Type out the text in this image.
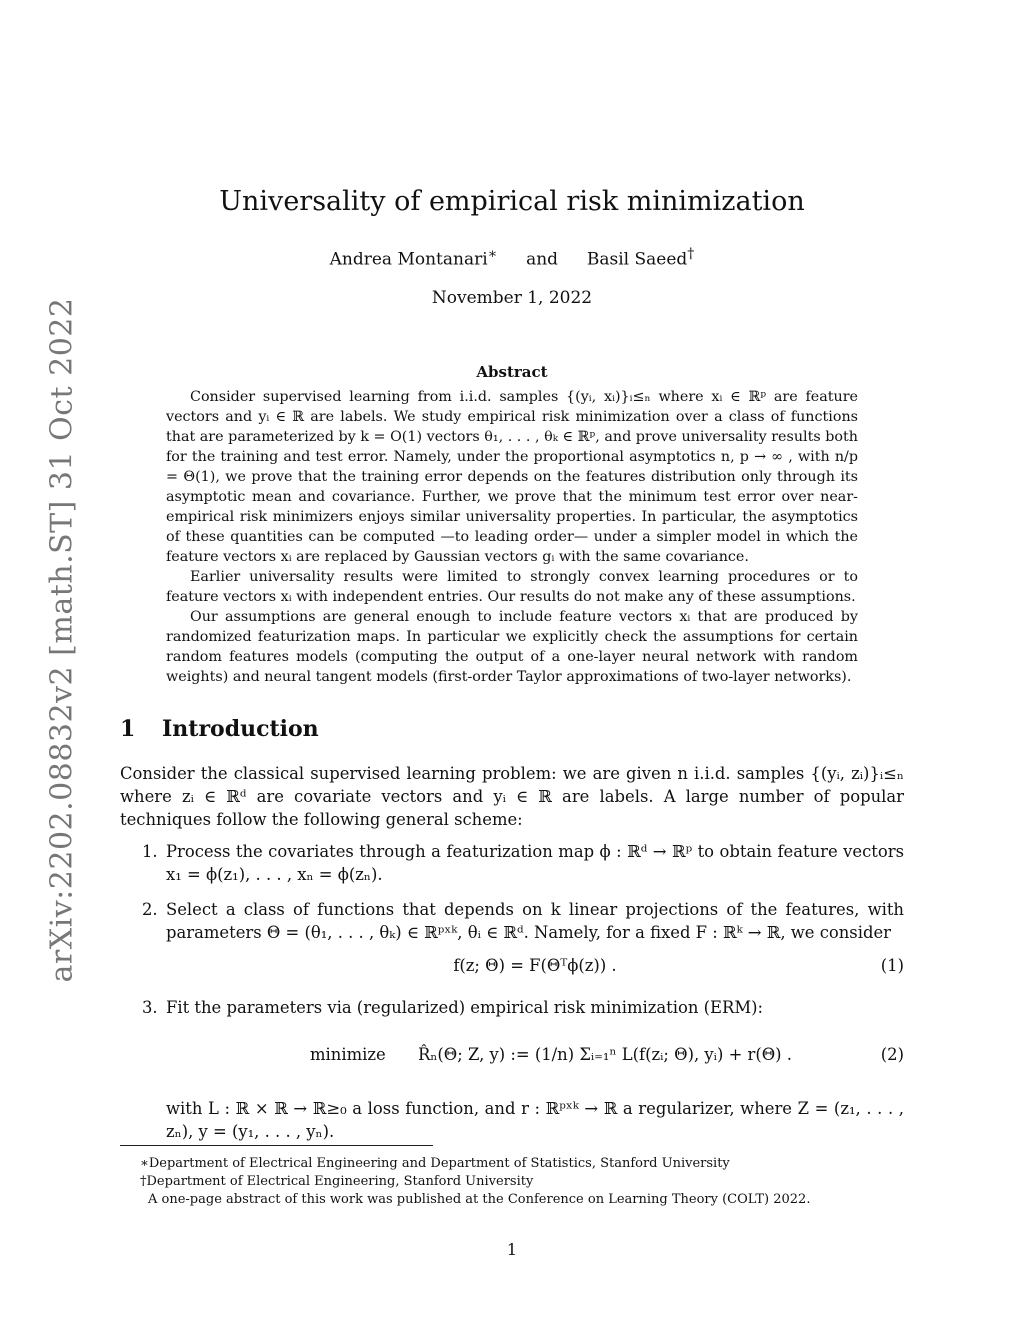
arXiv:2202.08832v2 [math.ST] 31 Oct 2022
Universality of empirical risk minimization
Andrea Montanari∗ and Basil Saeed†
November 1, 2022
Abstract

Consider supervised learning from i.i.d. samples {(yᵢ, xᵢ)}ᵢ≤ₙ where xᵢ ∈ ℝᵖ are feature vectors and yᵢ ∈ ℝ are labels. We study empirical risk minimization over a class of functions that are parameterized by k = O(1) vectors θ₁, . . . , θₖ ∈ ℝᵖ, and prove universality results both for the training and test error. Namely, under the proportional asymptotics n, p → ∞ , with n/p = Θ(1), we prove that the training error depends on the features distribution only through its asymptotic mean and covariance. Further, we prove that the minimum test error over near-empirical risk minimizers enjoys similar universality properties. In particular, the asymptotics of these quantities can be computed —to leading order— under a simpler model in which the feature vectors xᵢ are replaced by Gaussian vectors gᵢ with the same covariance.

Earlier universality results were limited to strongly convex learning procedures or to feature vectors xᵢ with independent entries. Our results do not make any of these assumptions.

Our assumptions are general enough to include feature vectors xᵢ that are produced by randomized featurization maps. In particular we explicitly check the assumptions for certain random features models (computing the output of a one-layer neural network with random weights) and neural tangent models (first-order Taylor approximations of two-layer networks).

1 Introduction

Consider the classical supervised learning problem: we are given n i.i.d. samples {(yᵢ, zᵢ)}ᵢ≤ₙ where zᵢ ∈ ℝᵈ are covariate vectors and yᵢ ∈ ℝ are labels. A large number of popular techniques follow the following general scheme:

1. Process the covariates through a featurization map ϕ : ℝᵈ → ℝᵖ to obtain feature vectors x₁ = ϕ(z₁), . . . , xₙ = ϕ(zₙ).
2. Select a class of functions that depends on k linear projections of the features, with parameters Θ = (θ₁, . . . , θₖ) ∈ ℝᵖˣᵏ, θᵢ ∈ ℝᵈ. Namely, for a fixed F : ℝᵏ → ℝ, we consider
f(z; Θ) = F(Θᵀϕ(z)) .	(1)
3. Fit the parameters via (regularized) empirical risk minimization (ERM):
minimize	R̂ₙ(Θ; Z, y) := (1/n) Σᵢ₌₁ⁿ L(f(zᵢ; Θ), yᵢ) + r(Θ) .	(2)
with L : ℝ × ℝ → ℝ≥₀ a loss function, and r : ℝᵖˣᵏ → ℝ a regularizer, where Z = (z₁, . . . , zₙ), y = (y₁, . . . , yₙ).
∗Department of Electrical Engineering and Department of Statistics, Stanford University
†Department of Electrical Engineering, Stanford University
A one-page abstract of this work was published at the Conference on Learning Theory (COLT) 2022.
1
